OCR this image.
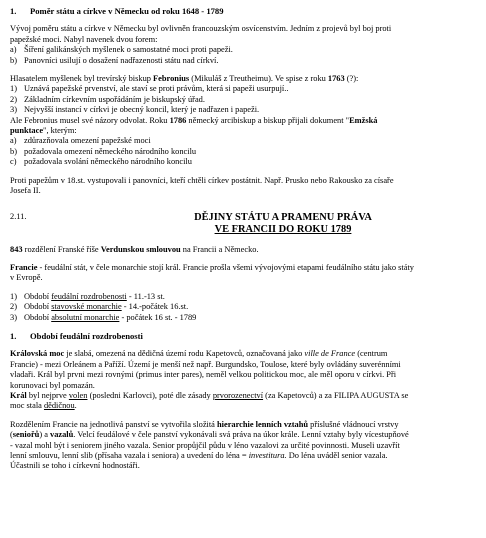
1. Poměr státu a církve v Německu od roku 1648 - 1789

Vývoj poměru státu a církve v Německu byl ovlivněn francouzským osvícenstvím. Jedním z projevů byl boj proti

papežské moci. Nabyl navenek dvou forem:

a) Šíření galikánských myšlenek o samostatné moci proti papeži.
b) Panovníci usilují o dosažení nadřazenosti státu nad církví.

Hlasatelem myšlenek byl trevírský biskup Febronius (Mikuláš z Treutheimu). Ve spise z roku 1763 (?):

1) Uznává papežské prvenství, ale staví se proti právům, která si papeži usurpují..
2) Základním církevním uspořádáním je biskupský úřad.
3) Nejvyšší instancí v církvi je obecný koncil, který je nadřazen i papeži.

Ale Febronius musel své názory odvolat. Roku 1786 německý arcibiskup a biskup přijali dokument "Emžská

punktace", kterým:

a) zdůrazňovala omezení papežské moci
b) požadovala omezení německého národního koncilu
c) požadovala svolání německého národního koncilu

Proti papežům v 18.st. vystupovali i panovníci, kteří chtěli církev postátnit. Např. Prusko nebo Rakousko za císaře

Josefa II.

2.11.	DĚJINY STÁTU A PRAMENU PRÁVA
VE FRANCII DO ROKU 1789

843 rozdělení Franské říše Verdunskou smlouvou na Francii a Německo.

Francie - feudální stát, v čele monarchie stojí král. Francie prošla všemi vývojovými etapami feudálního státu jako státy

v Evropě.

1) Období feudální rozdrobenosti - 11.-13 st.
2) Období stavovské monarchie - 14.-počátek 16.st.
3) Období absolutní monarchie - počátek 16 st. - 1789

1. Období feudální rozdrobenosti

Královská moc je slabá, omezená na dědičná území rodu Kapetovců, označovaná jako ville de France (centrum

Francie) - mezi Orleánem a Paříží. Území je menší než např. Burgundsko, Toulose, které byly ovládány suverénními

vladaři. Král byl prvni mezi rovnými (primus inter pares), neměl velkou politickou moc, ale měl oporu v církvi. Při

korunovaci byl pomazán.

Král byl nejprve volen (posledni Karlovci), poté dle zásady prvorozenectví (za Kapetovců) a za FILIPA AUGUSTA se

moc stala dědičnou.

Rozdělením Francie na jednotlivá panství se vytvořila složitá hierarchie lenních vztahů příslušné vládnoucí vrstvy

(seniořů) a vazalů. Velcí feudálové v čele panství vykonávali svá práva na úkor krále. Lenní vztahy byly vícestupňové

- vazal mohl být i seniorem jiného vazala. Senior propůjčil půdu v léno vazalovi za určité povinnosti. Museli uzavřít

lenní smlouvu, lenní slib (přísaha vazala i seniora) a uvedení do léna = investitura. Do léna uváděl senior vazala.

Účastnili se toho i církevní hodnostáři.
